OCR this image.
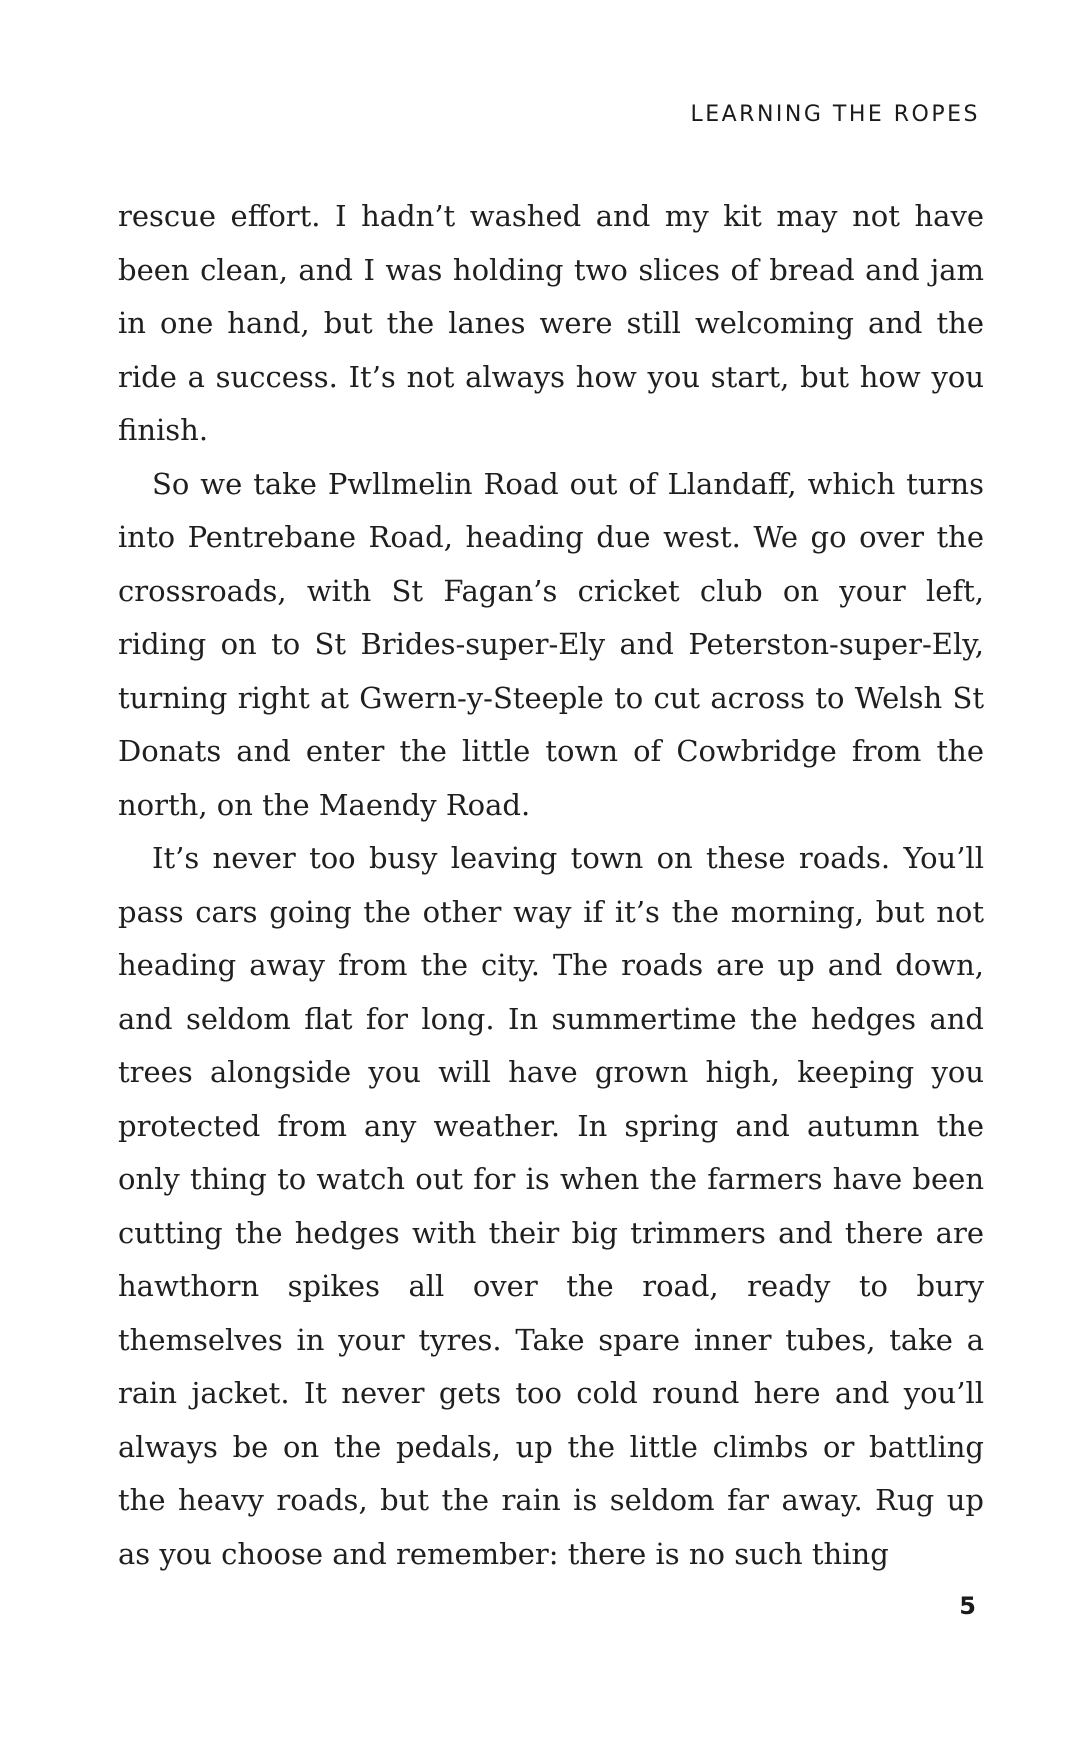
LEARNING THE ROPES

rescue effort. I hadn’t washed and my kit may not have been clean, and I was holding two slices of bread and jam in one hand, but the lanes were still welcoming and the ride a success. It’s not always how you start, but how you finish.

So we take Pwllmelin Road out of Llandaff, which turns into Pentrebane Road, heading due west. We go over the crossroads, with St Fagan’s cricket club on your left, riding on to St Brides-super-Ely and Peterston-super-Ely, turning right at Gwern-y-Steeple to cut across to Welsh St Donats and enter the little town of Cowbridge from the north, on the Maendy Road.

It’s never too busy leaving town on these roads. You’ll pass cars going the other way if it’s the morning, but not heading away from the city. The roads are up and down, and seldom flat for long. In summertime the hedges and trees alongside you will have grown high, keeping you protected from any weather. In spring and autumn the only thing to watch out for is when the farmers have been cutting the hedges with their big trimmers and there are hawthorn spikes all over the road, ready to bury themselves in your tyres. Take spare inner tubes, take a rain jacket. It never gets too cold round here and you’ll always be on the pedals, up the little climbs or battling the heavy roads, but the rain is seldom far away. Rug up as you choose and remember: there is no such thing

5
